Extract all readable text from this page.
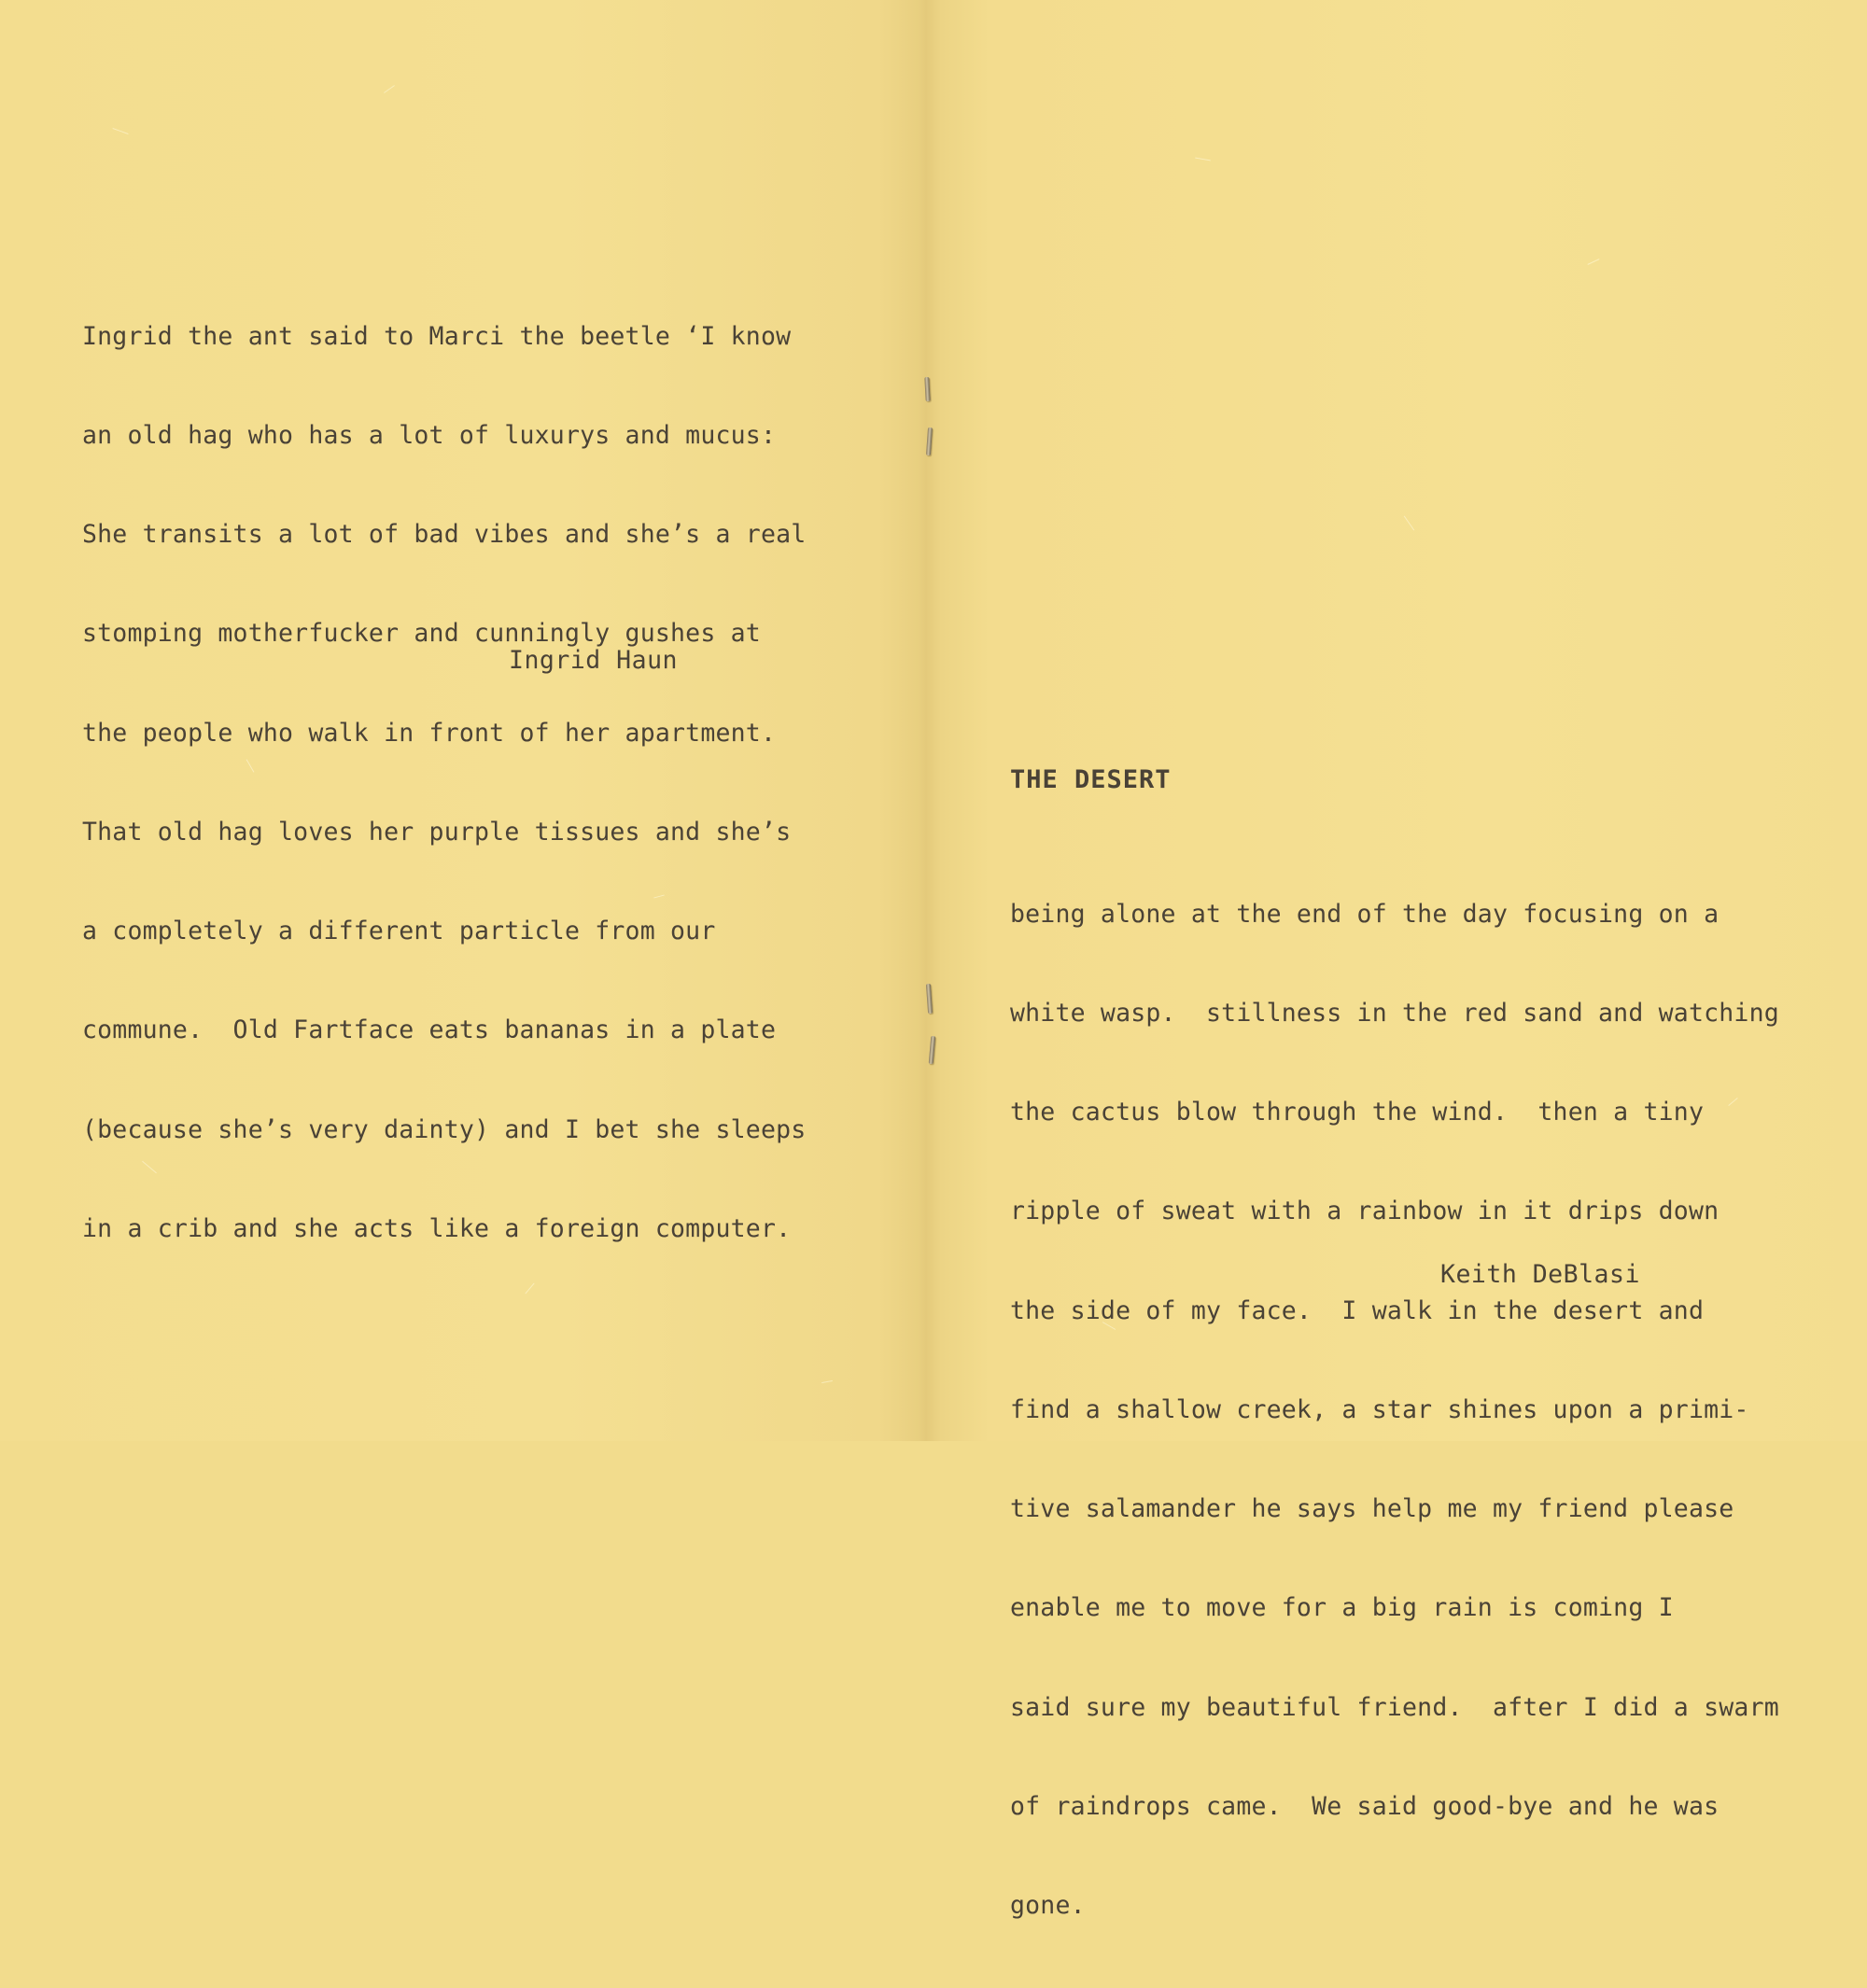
Ingrid the ant said to Marci the beetle ‘I know

an old hag who has a lot of luxurys and mucus:

She transits a lot of bad vibes and she’s a real

stomping motherfucker and cunningly gushes at

the people who walk in front of her apartment.

That old hag loves her purple tissues and she’s

a completely a different particle from our

commune.  Old Fartface eats bananas in a plate

(because she’s very dainty) and I bet she sleeps

in a crib and she acts like a foreign computer.

Ingrid Haun
THE DESERT

being alone at the end of the day focusing on a

white wasp.  stillness in the red sand and watching

the cactus blow through the wind.  then a tiny

ripple of sweat with a rainbow in it drips down

the side of my face.  I walk in the desert and

find a shallow creek, a star shines upon a primi-

tive salamander he says help me my friend please

enable me to move for a big rain is coming I

said sure my beautiful friend.  after I did a swarm

of raindrops came.  We said good-bye and he was

gone.

Keith DeBlasi
